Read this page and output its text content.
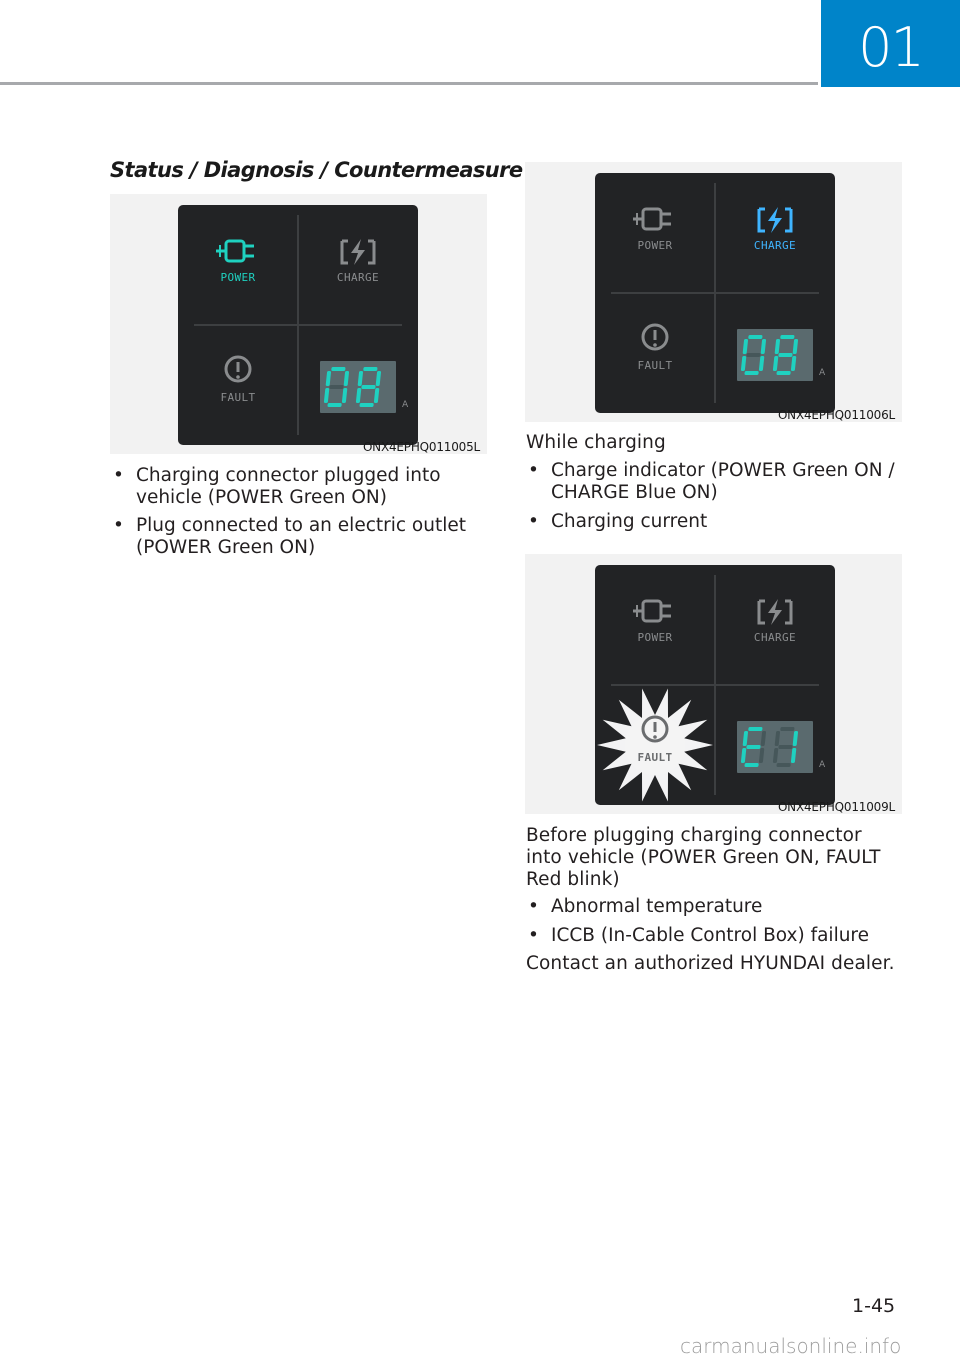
01
Status / Diagnosis / Countermeasure
POWER	CHARGE
FAULT
A
ONX4EPHQ011005L
POWER	CHARGE
FAULT
A
ONX4EPHQ011006L
POWER	CHARGE
FAULT
A
ONX4EPHQ011009L
• Charging connector plugged into vehicle (POWER Green ON)
• Plug connected to an electric outlet (POWER Green ON)
While charging
• Charge indicator (POWER Green ON / CHARGE Blue ON)
• Charging current
Before plugging charging connector into vehicle (POWER Green ON, FAULT Red blink)
• Abnormal temperature
• ICCB (In-Cable Control Box) failure
Contact an authorized HYUNDAI dealer.
1-45
carmanualsonline.info
